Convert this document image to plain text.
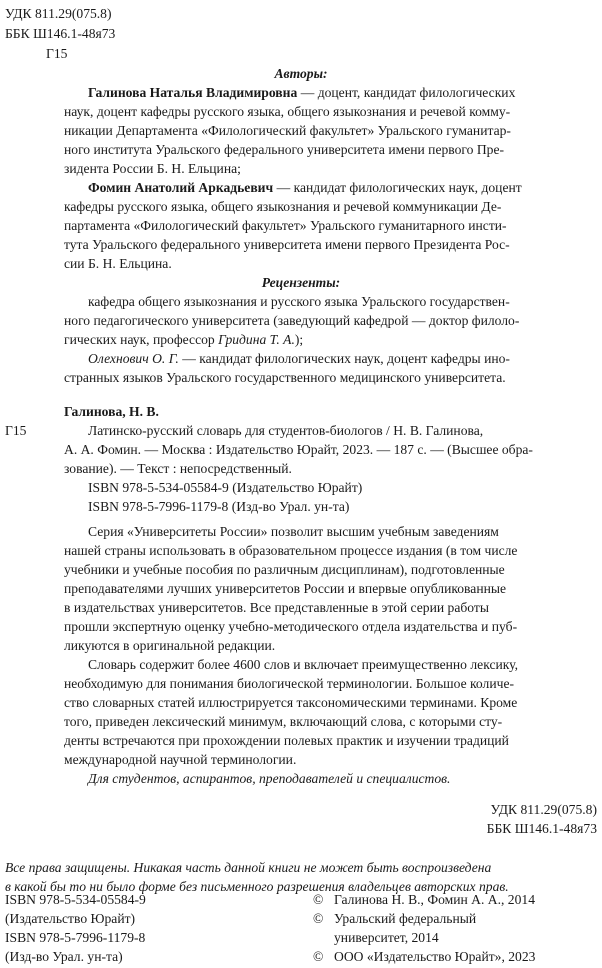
УДК 811.29(075.8)
ББК Ш146.1-48я73
Г15
Авторы:
Галинова Наталья Владимировна — доцент, кандидат филологических
наук, доцент кафедры русского языка, общего языкознания и речевой комму-
никации Департамента «Филологический факультет» Уральского гуманитар-
ного института Уральского федерального университета имени первого Пре-
зидента России Б. Н. Ельцина;
Фомин Анатолий Аркадьевич — кандидат филологических наук, доцент
кафедры русского языка, общего языкознания и речевой коммуникации Де-
партамента «Филологический факультет» Уральского гуманитарного инсти-
тута Уральского федерального университета имени первого Президента Рос-
сии Б. Н. Ельцина.
Рецензенты:
кафедра общего языкознания и русского языка Уральского государствен-
ного педагогического университета (заведующий кафедрой — доктор филоло-
гических наук, профессор Гридина Т. А.);
Олехнович О. Г. — кандидат филологических наук, доцент кафедры ино-
странных языков Уральского государственного медицинского университета.
Галинова, Н. В.
Г15	Латинско-русский словарь для студентов-биологов / Н. В. Галинова,
А. А. Фомин. — Москва : Издательство Юрайт, 2023. — 187 с. — (Высшее обра-
зование). — Текст : непосредственный.
ISBN 978-5-534-05584-9 (Издательство Юрайт)
ISBN 978-5-7996-1179-8 (Изд-во Урал. ун-та)
Серия «Университеты России» позволит высшим учебным заведениям
нашей страны использовать в образовательном процессе издания (в том числе
учебники и учебные пособия по различным дисциплинам), подготовленные
преподавателями лучших университетов России и впервые опубликованные
в издательствах университетов. Все представленные в этой серии работы
прошли экспертную оценку учебно-методического отдела издательства и пуб-
ликуются в оригинальной редакции.
Словарь содержит более 4600 слов и включает преимущественно лексику,
необходимую для понимания биологической терминологии. Большое количе-
ство словарных статей иллюстрируется таксономическими терминами. Кроме
того, приведен лексический минимум, включающий слова, с которыми сту-
денты встречаются при прохождении полевых практик и изучении традиций
международной научной терминологии.
Для студентов, аспирантов, преподавателей и специалистов.
УДК 811.29(075.8)
ББК Ш146.1-48я73
Все права защищены. Никакая часть данной книги не может быть воспроизведена
в какой бы то ни было форме без письменного разрешения владельцев авторских прав.
ISBN 978-5-534-05584-9
(Издательство Юрайт)
ISBN 978-5-7996-1179-8
(Изд-во Урал. ун-та)
© Галинова Н. В., Фомин А. А., 2014
© Уральский федеральный
университет, 2014
© ООО «Издательство Юрайт», 2023
